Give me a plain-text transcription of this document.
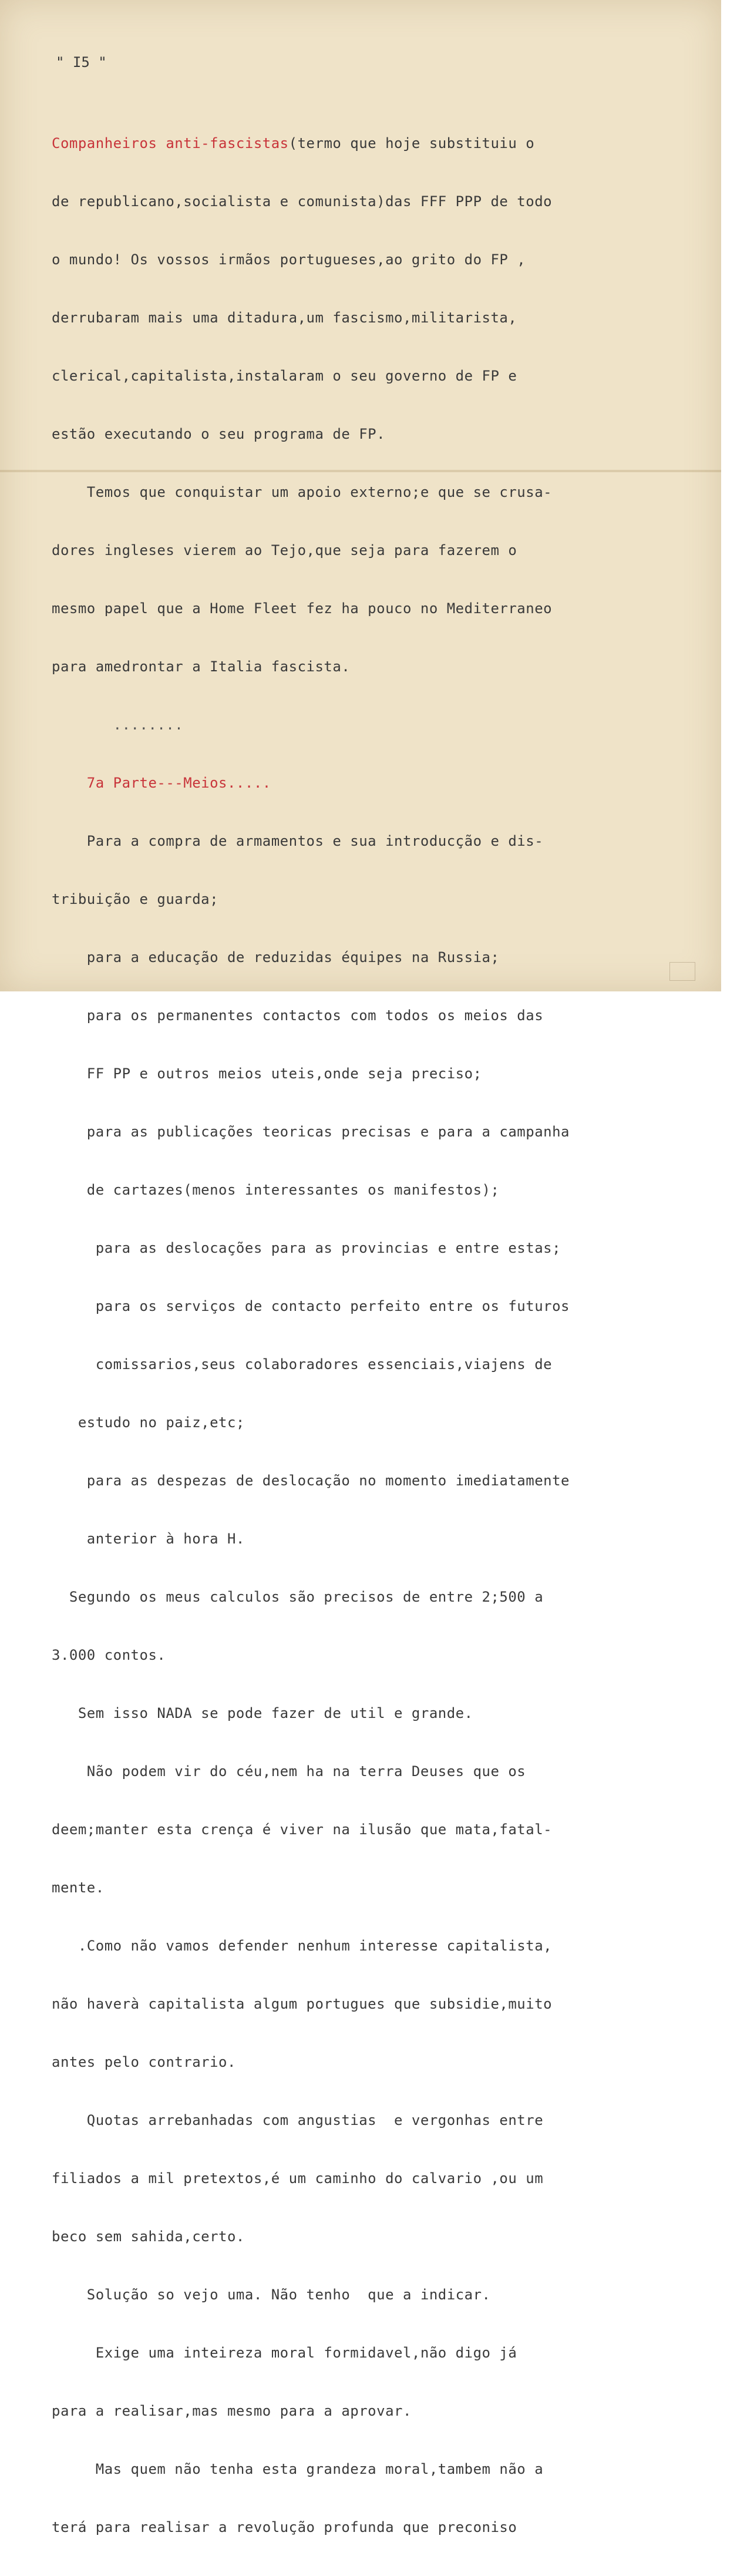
" I5 "

Companheiros anti-fascistas(termo que hoje substituiu o

de republicano,socialista e comunista)das FFF PPP de todo

o mundo! Os vossos irmãos portugueses,ao grito do FP ,

derrubaram mais uma ditadura,um fascismo,militarista,

clerical,capitalista,instalaram o seu governo de FP e

estão executando o seu programa de FP.

Temos que conquistar um apoio externo;e que se crusa-

dores ingleses vierem ao Tejo,que seja para fazerem o

mesmo papel que a Home Fleet fez ha pouco no Mediterraneo

para amedrontar a Italia fascista.

........

7a Parte---Meios.....

Para a compra de armamentos e sua introducção e dis-

tribuição e guarda;

para a educação de reduzidas équipes na Russia;

para os permanentes contactos com todos os meios das

FF PP e outros meios uteis,onde seja preciso;

para as publicações teoricas precisas e para a campanha

de cartazes(menos interessantes os manifestos);

para as deslocações para as provincias e entre estas;

para os serviços de contacto perfeito entre os futuros

comissarios,seus colaboradores essenciais,viajens de

estudo no paiz,etc;

para as despezas de deslocação no momento imediatamente

anterior à hora H.

Segundo os meus calculos são precisos de entre 2;500 a

3.000 contos.

Sem isso NADA se pode fazer de util e grande.

Não podem vir do céu,nem ha na terra Deuses que os

deem;manter esta crença é viver na ilusão que mata,fatal-

mente.

.Como não vamos defender nenhum interesse capitalista,

não haverà capitalista algum portugues que subsidie,muito

antes pelo contrario.

Quotas arrebanhadas com angustias  e vergonhas entre

filiados a mil pretextos,é um caminho do calvario ,ou um

beco sem sahida,certo.

Solução so vejo uma. Não tenho  que a indicar.

Exige uma inteireza moral formidavel,não digo já

para a realisar,mas mesmo para a aprovar.

Mas quem não tenha esta grandeza moral,tambem não a

terá para realisar a revolução profunda que preconiso
